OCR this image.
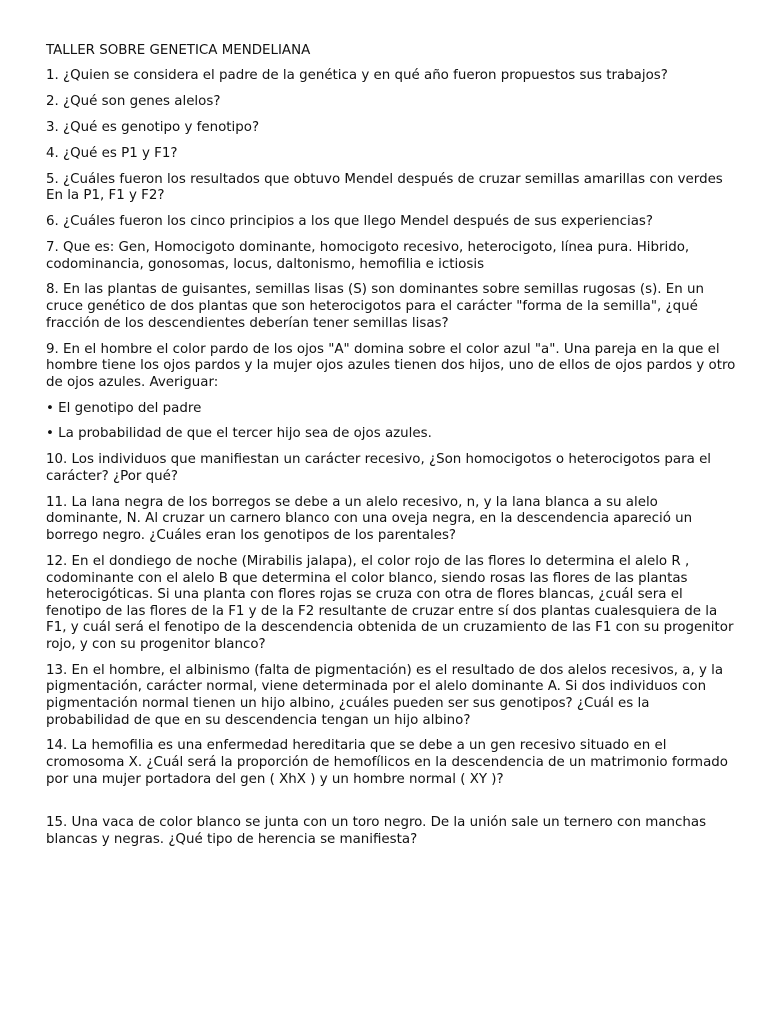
TALLER SOBRE GENETICA MENDELIANA
1. ¿Quien se considera el padre de la genética y en qué año fueron propuestos sus trabajos?
2. ¿Qué son genes alelos?
3. ¿Qué es genotipo y fenotipo?
4. ¿Qué es P1 y F1?
5. ¿Cuáles fueron los resultados que obtuvo Mendel después de cruzar semillas amarillas con verdes En la P1, F1 y F2?
6. ¿Cuáles fueron los cinco principios a los que llego Mendel después de sus experiencias?
7. Que es: Gen, Homocigoto dominante, homocigoto recesivo, heterocigoto, línea pura. Hibrido, codominancia, gonosomas, locus, daltonismo, hemofilia e ictiosis
8. En las plantas de guisantes, semillas lisas (S) son dominantes sobre semillas rugosas (s). En un cruce genético de dos plantas que son heterocigotos para el carácter "forma de la semilla", ¿qué fracción de los descendientes deberían tener semillas lisas?
9. En el hombre el color pardo de los ojos "A" domina sobre el color azul "a". Una pareja en la que el hombre tiene los ojos pardos y la mujer ojos azules tienen dos hijos, uno de ellos de ojos pardos y otro de ojos azules. Averiguar:
• El genotipo del padre
• La probabilidad de que el tercer hijo sea de ojos azules.
10. Los individuos que manifiestan un carácter recesivo, ¿Son homocigotos o heterocigotos para el carácter? ¿Por qué?
11. La lana negra de los borregos se debe a un alelo recesivo, n, y la lana blanca a su alelo dominante, N. Al cruzar un carnero blanco con una oveja negra, en la descendencia apareció un borrego negro. ¿Cuáles eran los genotipos de los parentales?
12. En el dondiego de noche (Mirabilis jalapa), el color rojo de las flores lo determina el alelo R , codominante con el alelo B que determina el color blanco, siendo rosas las flores de las plantas heterocigóticas. Si una planta con flores rojas se cruza con otra de flores blancas, ¿cuál sera el fenotipo de las flores de la F1 y de la F2 resultante de cruzar entre sí dos plantas cualesquiera de la F1, y cuál será el fenotipo de la descendencia obtenida de un cruzamiento de las F1 con su progenitor rojo, y con su progenitor blanco?
13. En el hombre, el albinismo (falta de pigmentación) es el resultado de dos alelos recesivos, a, y la pigmentación, carácter normal, viene determinada por el alelo dominante A. Si dos individuos con pigmentación normal tienen un hijo albino, ¿cuáles pueden ser sus genotipos? ¿Cuál es la probabilidad de que en su descendencia tengan un hijo albino?
14. La hemofilia es una enfermedad hereditaria que se debe a un gen recesivo situado en el cromosoma X. ¿Cuál será la proporción de hemofílicos en la descendencia de un matrimonio formado por una mujer portadora del gen ( XhX ) y un hombre normal ( XY )?
15. Una vaca de color blanco se junta con un toro negro. De la unión sale un ternero con manchas blancas y negras. ¿Qué tipo de herencia se manifiesta?
